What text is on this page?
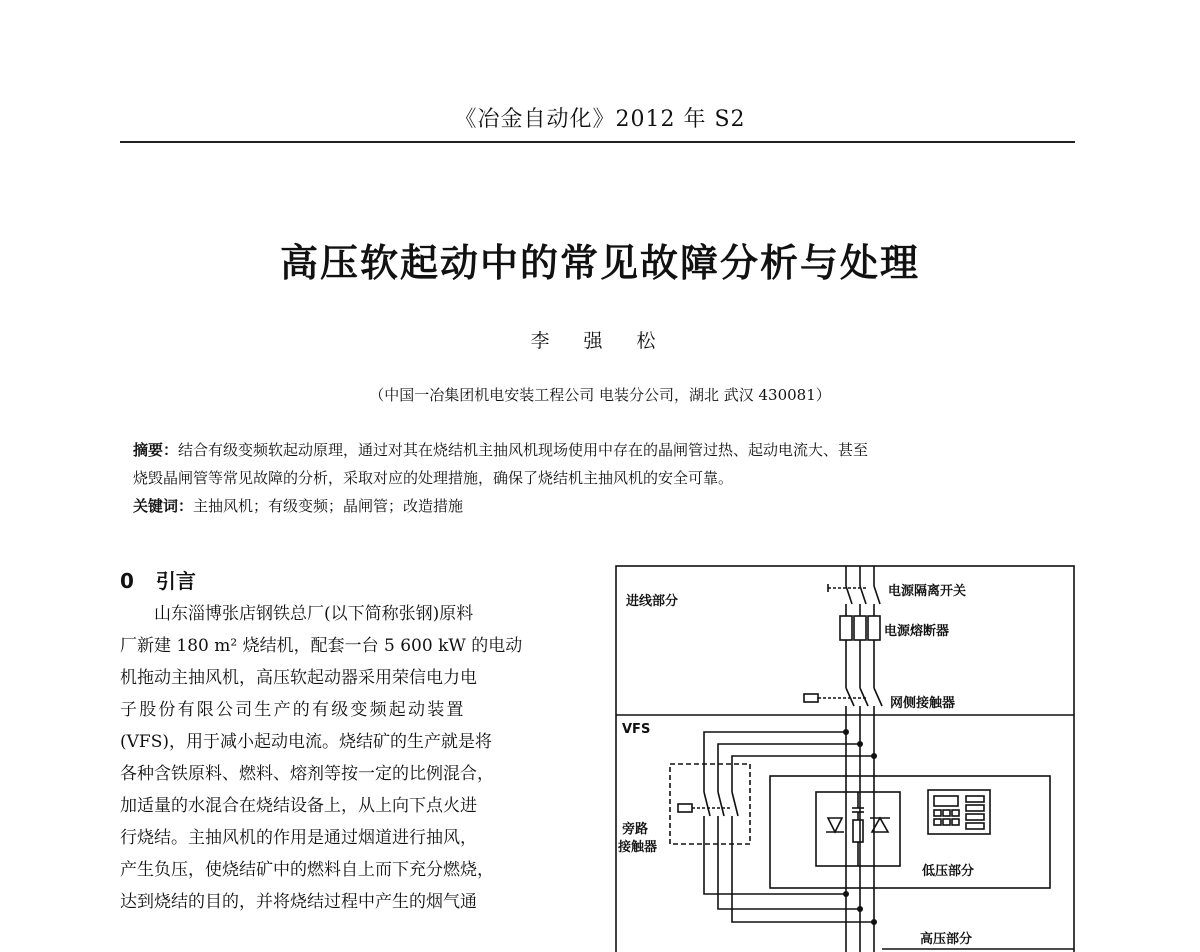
《冶金自动化》2012 年 S2
高压软起动中的常见故障分析与处理
李 强 松
（中国一冶集团机电安装工程公司 电装分公司，湖北 武汉 430081）
摘要：结合有级变频软起动原理，通过对其在烧结机主抽风机现场使用中存在的晶闸管过热、起动电流大、甚至
烧毁晶闸管等常见故障的分析，采取对应的处理措施，确保了烧结机主抽风机的安全可靠。
关键词：主抽风机；有级变频；晶闸管；改造措施
0 引言
山东淄博张店钢铁总厂(以下简称张钢)原料
厂新建 180 m² 烧结机，配套一台 5 600 kW 的电动
机拖动主抽风机，高压软起动器采用荣信电力电
子股份有限公司生产的有级变频起动装置
(VFS)，用于减小起动电流。烧结矿的生产就是将
各种含铁原料、燃料、熔剂等按一定的比例混合，
加适量的水混合在烧结设备上，从上向下点火进
行烧结。主抽风机的作用是通过烟道进行抽风，
产生负压，使烧结矿中的燃料自上而下充分燃烧，
达到烧结的目的，并将烧结过程中产生的烟气通
进线部分
电源隔离开关
电源熔断器
网侧接触器
VFS
旁路
接触器
低压部分
高压部分
